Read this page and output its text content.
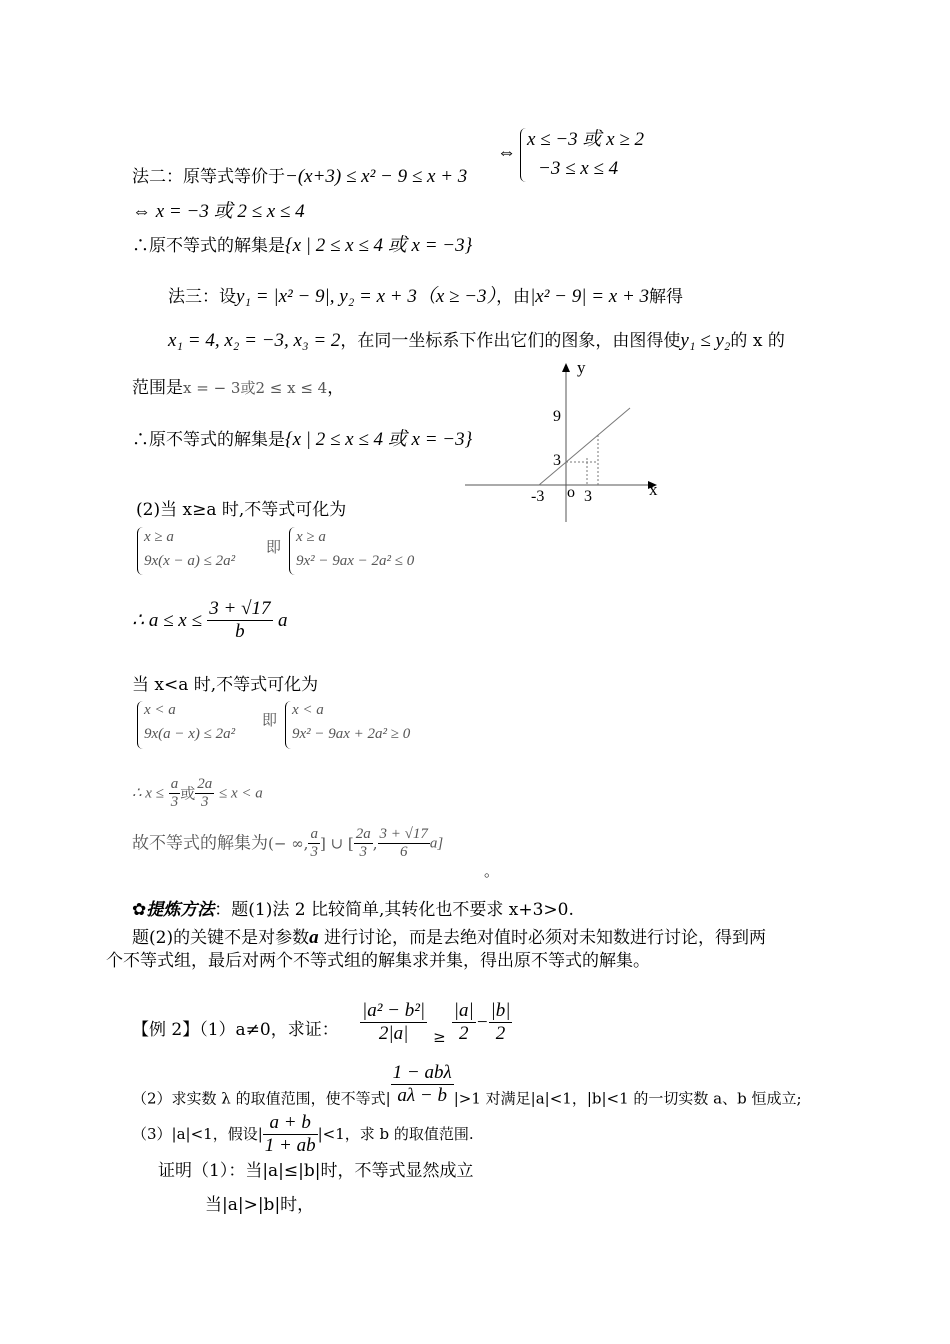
法二：原等式等价于−(x+3) ≤ x² − 9 ≤ x + 3
⇔
x ≤ −3 或 x ≥ 2
−3 ≤ x ≤ 4
⇔ x = −3 或 2 ≤ x ≤ 4
∴原不等式的解集是{x | 2 ≤ x ≤ 4 或 x = −3}
法三：设y₁ = |x² − 9|, y₂ = x + 3（x ≥ −3），由|x² − 9| = x + 3解得
x₁ = 4, x₂ = −3, x₃ = 2，在同一坐标系下作出它们的图象，由图得使y₁ ≤ y₂的 x 的
范围是x = − 3或2 ≤ x ≤ 4，
∴原不等式的解集是{x | 2 ≤ x ≤ 4 或 x = −3}
y
x
9
3
-3 o 3
(2)当 x≥a 时,不等式可化为
x ≥ a
9x(x − a) ≤ 2a²
即
x ≥ a
9x² − 9ax − 2a² ≤ 0
∴ $a \le x \le \frac{3 + √17}{b}$ a
当 x<a 时,不等式可化为
x < a
9x(a − x) ≤ 2a²
即
x < a
9x² − 9ax + 2a² ≥ 0
∴ $x \le \frac{a}{3}$ 或 $\frac{2a}{3} \le x < a$
故不等式的解集为(− ∞, $\frac{a}{3}$ ] ∪ [ $\frac{2a}{3}$ , $\frac{3 + √17}{6} a$]
。
✿提炼方法：题(1)法 2 比较简单,其转化也不要求 x+3>0.
题(2)的关键不是对参数a 进行讨论，而是去绝对值时必须对未知数进行讨论，得到两
个不等式组，最后对两个不等式组的解集求并集，得出原不等式的解集。
【例 2】（1）a≠0，求证： $\frac{\text{|a² − b²|}}{2|a|} \ge \frac{|a|}{2} - \frac{|b|}{2}$
（2）求实数 λ 的取值范围，使不等式| $\frac{\text{1 − abλ}}{a\lambda - b} |>1$ 对满足|a|<1，|b|<1 的一切实数 a、b 恒成立;
（3）|a|<1，假设| $\frac{a + b}{1 + ab} |<1$，求 b 的取值范围.
证明（1）：当|a|≤|b|时，不等式显然成立
当|a|>|b|时，
